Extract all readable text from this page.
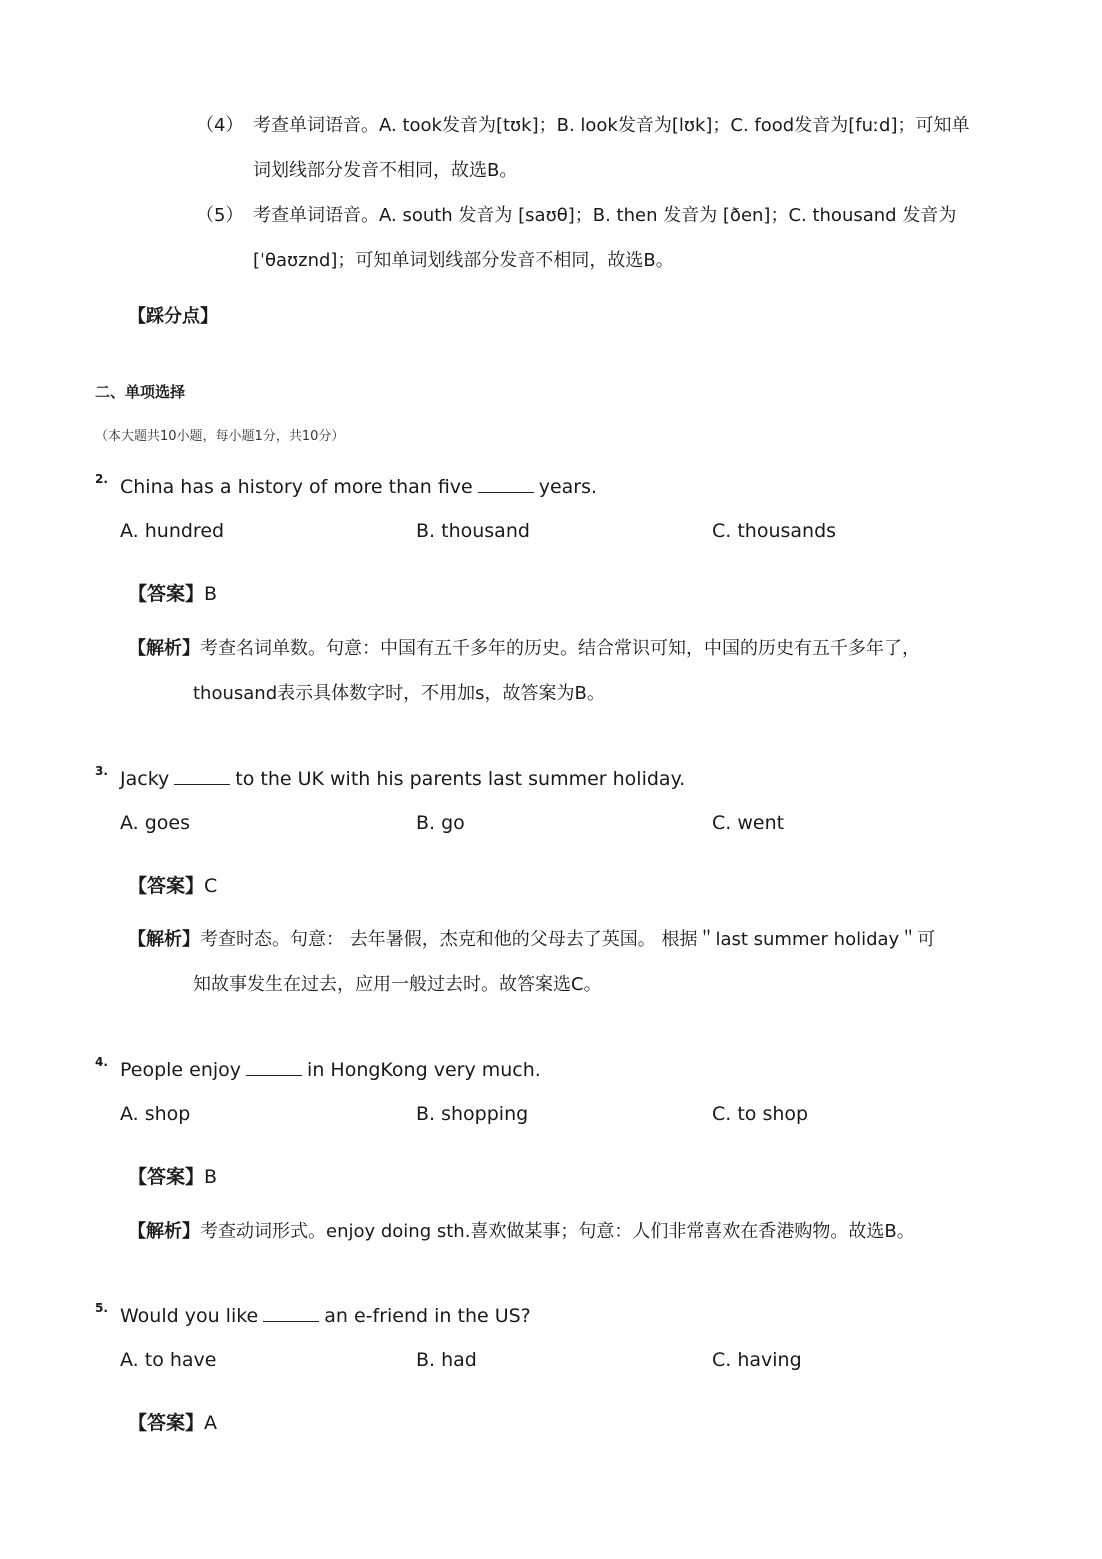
（4） 考查单词语音。A. took发音为[tʊk]；B. look发音为[lʊk]；C. food发音为[fuːd]；可知单
词划线部分发音不相同，故选B。
（5） 考查单词语音。A. south 发音为 [saʊθ]；B. then 发音为 [ðen]；C. thousand 发音为
[ˈθaʊznd]；可知单词划线部分发音不相同，故选B。
【踩分点】
二、单项选择
（本大题共10小题，每小题1分，共10分）
2. China has a history of more than five	years.
A. hundred	B. thousand	C. thousands
【答案】B
【解析】考查名词单数。句意：中国有五千多年的历史。结合常识可知，中国的历史有五千多年了，
thousand表示具体数字时，不用加s，故答案为B。
3. Jacky	to the UK with his parents last summer holiday.
A. goes	B. go	C. went
【答案】C
【解析】考查时态。句意： 去年暑假，杰克和他的父母去了英国。 根据＂last summer holiday＂可
知故事发生在过去，应用一般过去时。故答案选C。
4. People enjoy	in HongKong very much.
A. shop	B. shopping	C. to shop
【答案】B
【解析】考查动词形式。enjoy doing sth.喜欢做某事；句意：人们非常喜欢在香港购物。故选B。
5. Would you like	an e-friend in the US?
A. to have	B. had	C. having
【答案】A
